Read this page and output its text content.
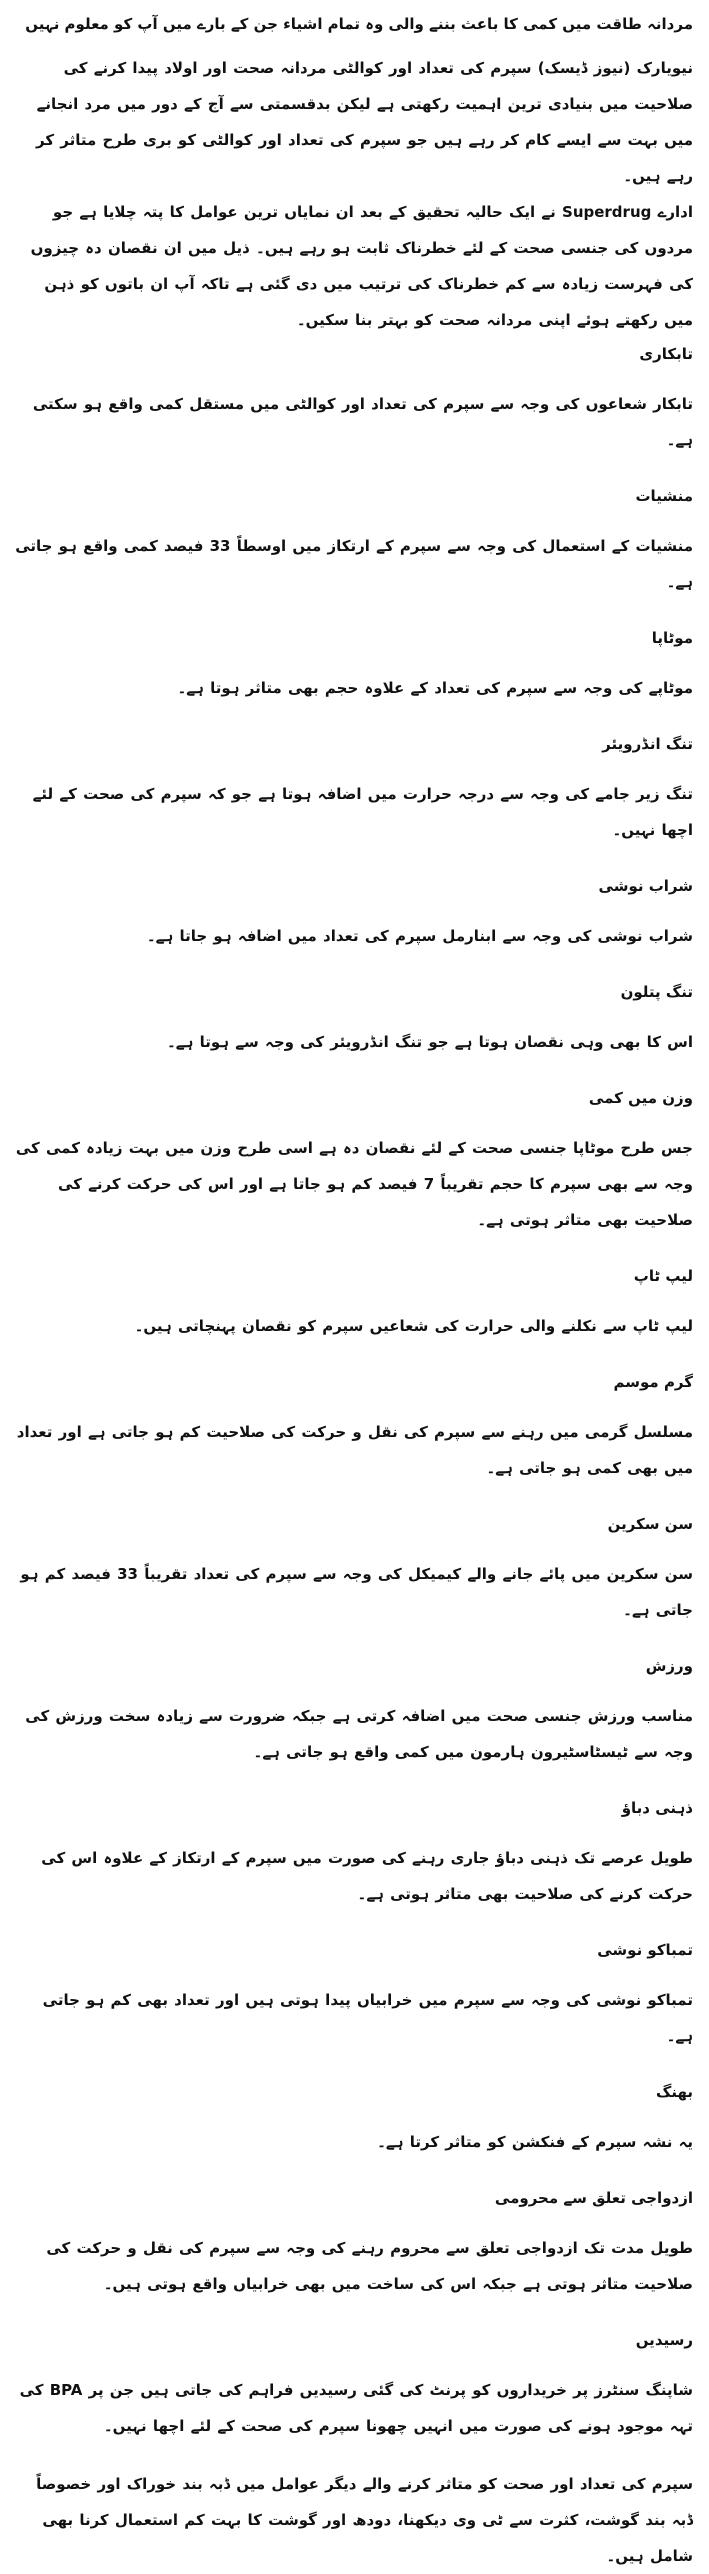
مردانہ طاقت میں کمی کا باعث بننے والی وہ تمام اشیاء جن کے بارے میں آپ کو معلوم نہیں

نیویارک (نیوز ڈیسک) سپرم کی تعداد اور کوالٹی مردانہ صحت اور اولاد پیدا کرنے کی صلاحیت میں بنیادی ترین اہمیت رکھتی ہے لیکن بدقسمتی سے آج کے دور میں مرد انجانے میں بہت سے ایسے کام کر رہے ہیں جو سپرم کی تعداد اور کوالٹی کو بری طرح متاثر کر رہے ہیں۔

ادارے Superdrug نے ایک حالیہ تحقیق کے بعد ان نمایاں ترین عوامل کا پتہ چلایا ہے جو مردوں کی جنسی صحت کے لئے خطرناک ثابت ہو رہے ہیں۔ ذیل میں ان نقصان دہ چیزوں کی فہرست زیادہ سے کم خطرناک کی ترتیب میں دی گئی ہے تاکہ آپ ان باتوں کو ذہن میں رکھتے ہوئے اپنی مردانہ صحت کو بہتر بنا سکیں۔

تابکاری

تابکار شعاعوں کی وجہ سے سپرم کی تعداد اور کوالٹی میں مستقل کمی واقع ہو سکتی ہے۔

منشیات

منشیات کے استعمال کی وجہ سے سپرم کے ارتکاز میں اوسطاً 33 فیصد کمی واقع ہو جاتی ہے۔

موٹاپا

موٹاپے کی وجہ سے سپرم کی تعداد کے علاوہ حجم بھی متاثر ہوتا ہے۔

تنگ انڈرویئر

تنگ زیر جامے کی وجہ سے درجہ حرارت میں اضافہ ہوتا ہے جو کہ سپرم کی صحت کے لئے اچھا نہیں۔

شراب نوشی

شراب نوشی کی وجہ سے ابنارمل سپرم کی تعداد میں اضافہ ہو جاتا ہے۔

تنگ پتلون

اس کا بھی وہی نقصان ہوتا ہے جو تنگ انڈرویئر کی وجہ سے ہوتا ہے۔

وزن میں کمی

جس طرح موٹاپا جنسی صحت کے لئے نقصان دہ ہے اسی طرح وزن میں بہت زیادہ کمی کی وجہ سے بھی سپرم کا حجم تقریباً 7 فیصد کم ہو جاتا ہے اور اس کی حرکت کرنے کی صلاحیت بھی متاثر ہوتی ہے۔

لیپ ٹاپ

لیپ ٹاپ سے نکلنے والی حرارت کی شعاعیں سپرم کو نقصان پہنچاتی ہیں۔

گرم موسم

مسلسل گرمی میں رہنے سے سپرم کی نقل و حرکت کی صلاحیت کم ہو جاتی ہے اور تعداد میں بھی کمی ہو جاتی ہے۔

سن سکرین

سن سکرین میں پائے جانے والے کیمیکل کی وجہ سے سپرم کی تعداد تقریباً 33 فیصد کم ہو جاتی ہے۔

ورزش

مناسب ورزش جنسی صحت میں اضافہ کرتی ہے جبکہ ضرورت سے زیادہ سخت ورزش کی وجہ سے ٹیسٹاسٹیرون ہارمون میں کمی واقع ہو جاتی ہے۔

ذہنی دباؤ

طویل عرصے تک ذہنی دباؤ جاری رہنے کی صورت میں سپرم کے ارتکاز کے علاوہ اس کی حرکت کرنے کی صلاحیت بھی متاثر ہوتی ہے۔

تمباکو نوشی

تمباکو نوشی کی وجہ سے سپرم میں خرابیاں پیدا ہوتی ہیں اور تعداد بھی کم ہو جاتی ہے۔

بھنگ

یہ نشہ سپرم کے فنکشن کو متاثر کرتا ہے۔

ازدواجی تعلق سے محرومی

طویل مدت تک ازدواجی تعلق سے محروم رہنے کی وجہ سے سپرم کی نقل و حرکت کی صلاحیت متاثر ہوتی ہے جبکہ اس کی ساخت میں بھی خرابیاں واقع ہوتی ہیں۔

رسیدیں

شاپنگ سنٹرز پر خریداروں کو پرنٹ کی گئی رسیدیں فراہم کی جاتی ہیں جن پر BPA کی تہہ موجود ہونے کی صورت میں انہیں چھونا سپرم کی صحت کے لئے اچھا نہیں۔

سپرم کی تعداد اور صحت کو متاثر کرنے والے دیگر عوامل میں ڈبہ بند خوراک اور خصوصاً ڈبہ بند گوشت، کثرت سے ٹی وی دیکھنا، دودھ اور گوشت کا بہت کم استعمال کرنا بھی شامل ہیں۔
